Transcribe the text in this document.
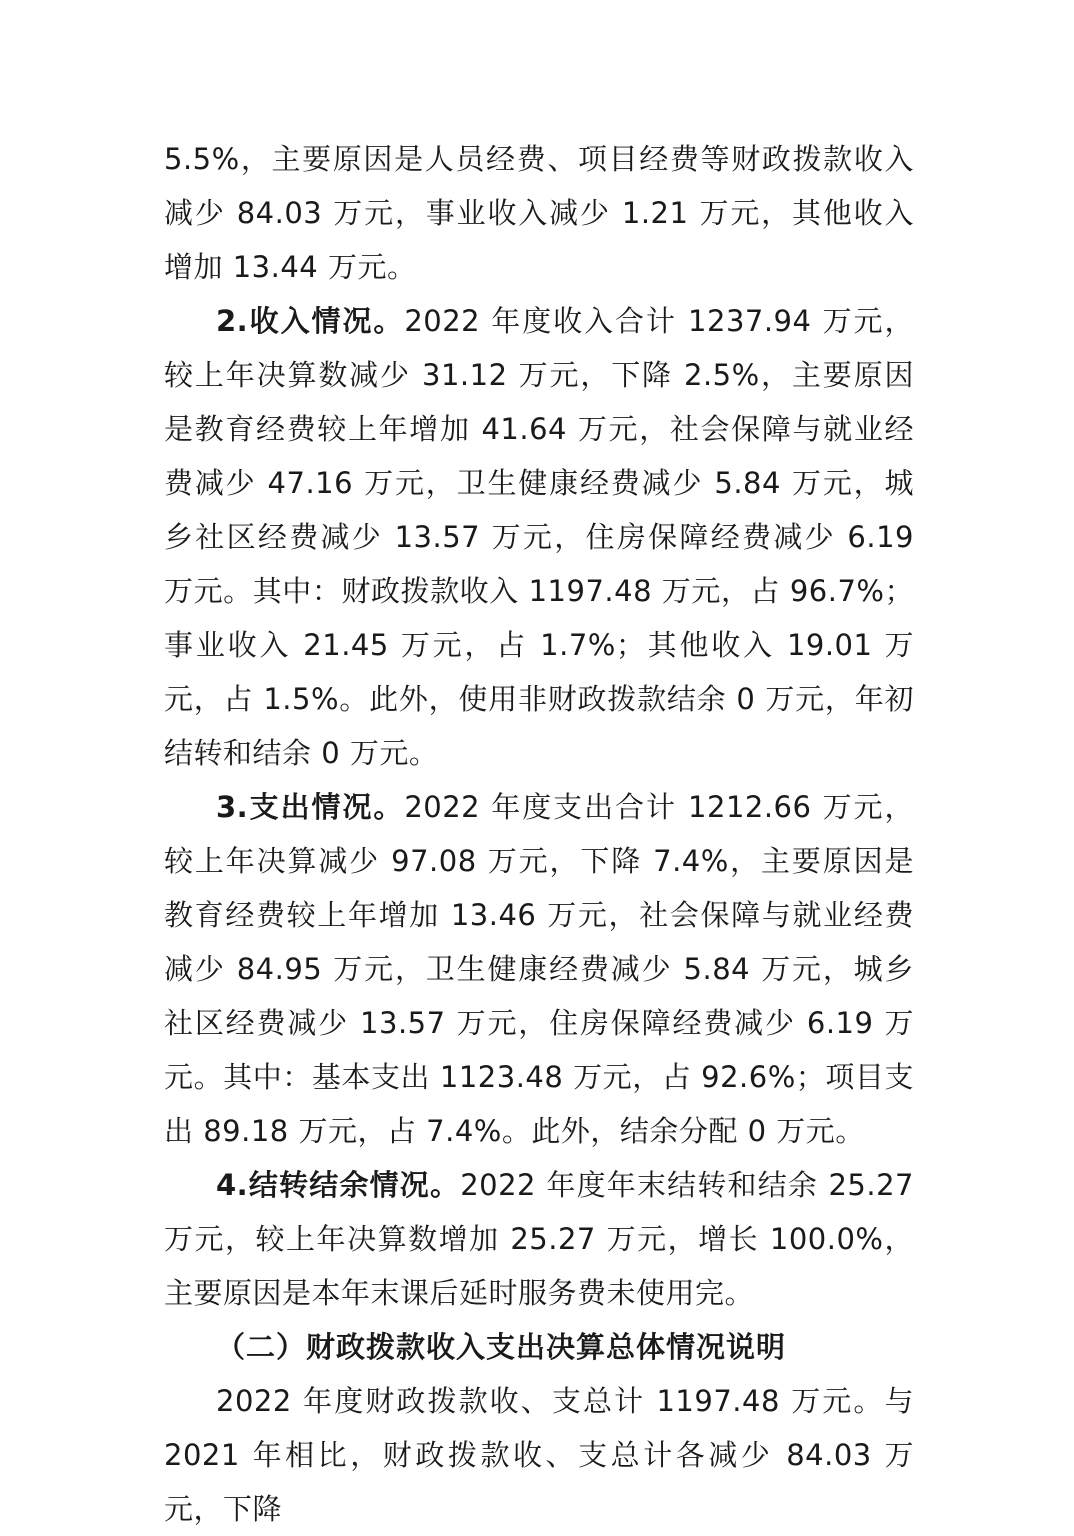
5.5%，主要原因是人员经费、项目经费等财政拨款收入减少 84.03 万元，事业收入减少 1.21 万元，其他收入增加 13.44 万元。

2.收入情况。2022 年度收入合计 1237.94 万元，较上年决算数减少 31.12 万元，下降 2.5%，主要原因是教育经费较上年增加 41.64 万元，社会保障与就业经费减少 47.16 万元，卫生健康经费减少 5.84 万元，城乡社区经费减少 13.57 万元，住房保障经费减少 6.19 万元。其中：财政拨款收入 1197.48 万元，占 96.7%；事业收入 21.45 万元，占 1.7%；其他收入 19.01 万元，占 1.5%。此外，使用非财政拨款结余 0 万元，年初结转和结余 0 万元。

3.支出情况。2022 年度支出合计 1212.66 万元，较上年决算减少 97.08 万元，下降 7.4%，主要原因是教育经费较上年增加 13.46 万元，社会保障与就业经费减少 84.95 万元，卫生健康经费减少 5.84 万元，城乡社区经费减少 13.57 万元，住房保障经费减少 6.19 万元。其中：基本支出 1123.48 万元，占 92.6%；项目支出 89.18 万元，占 7.4%。此外，结余分配 0 万元。

4.结转结余情况。2022 年度年末结转和结余 25.27 万元，较上年决算数增加 25.27 万元，增长 100.0%，主要原因是本年末课后延时服务费未使用完。

（二）财政拨款收入支出决算总体情况说明

2022 年度财政拨款收、支总计 1197.48 万元。与 2021 年相比，财政拨款收、支总计各减少 84.03 万元，下降
